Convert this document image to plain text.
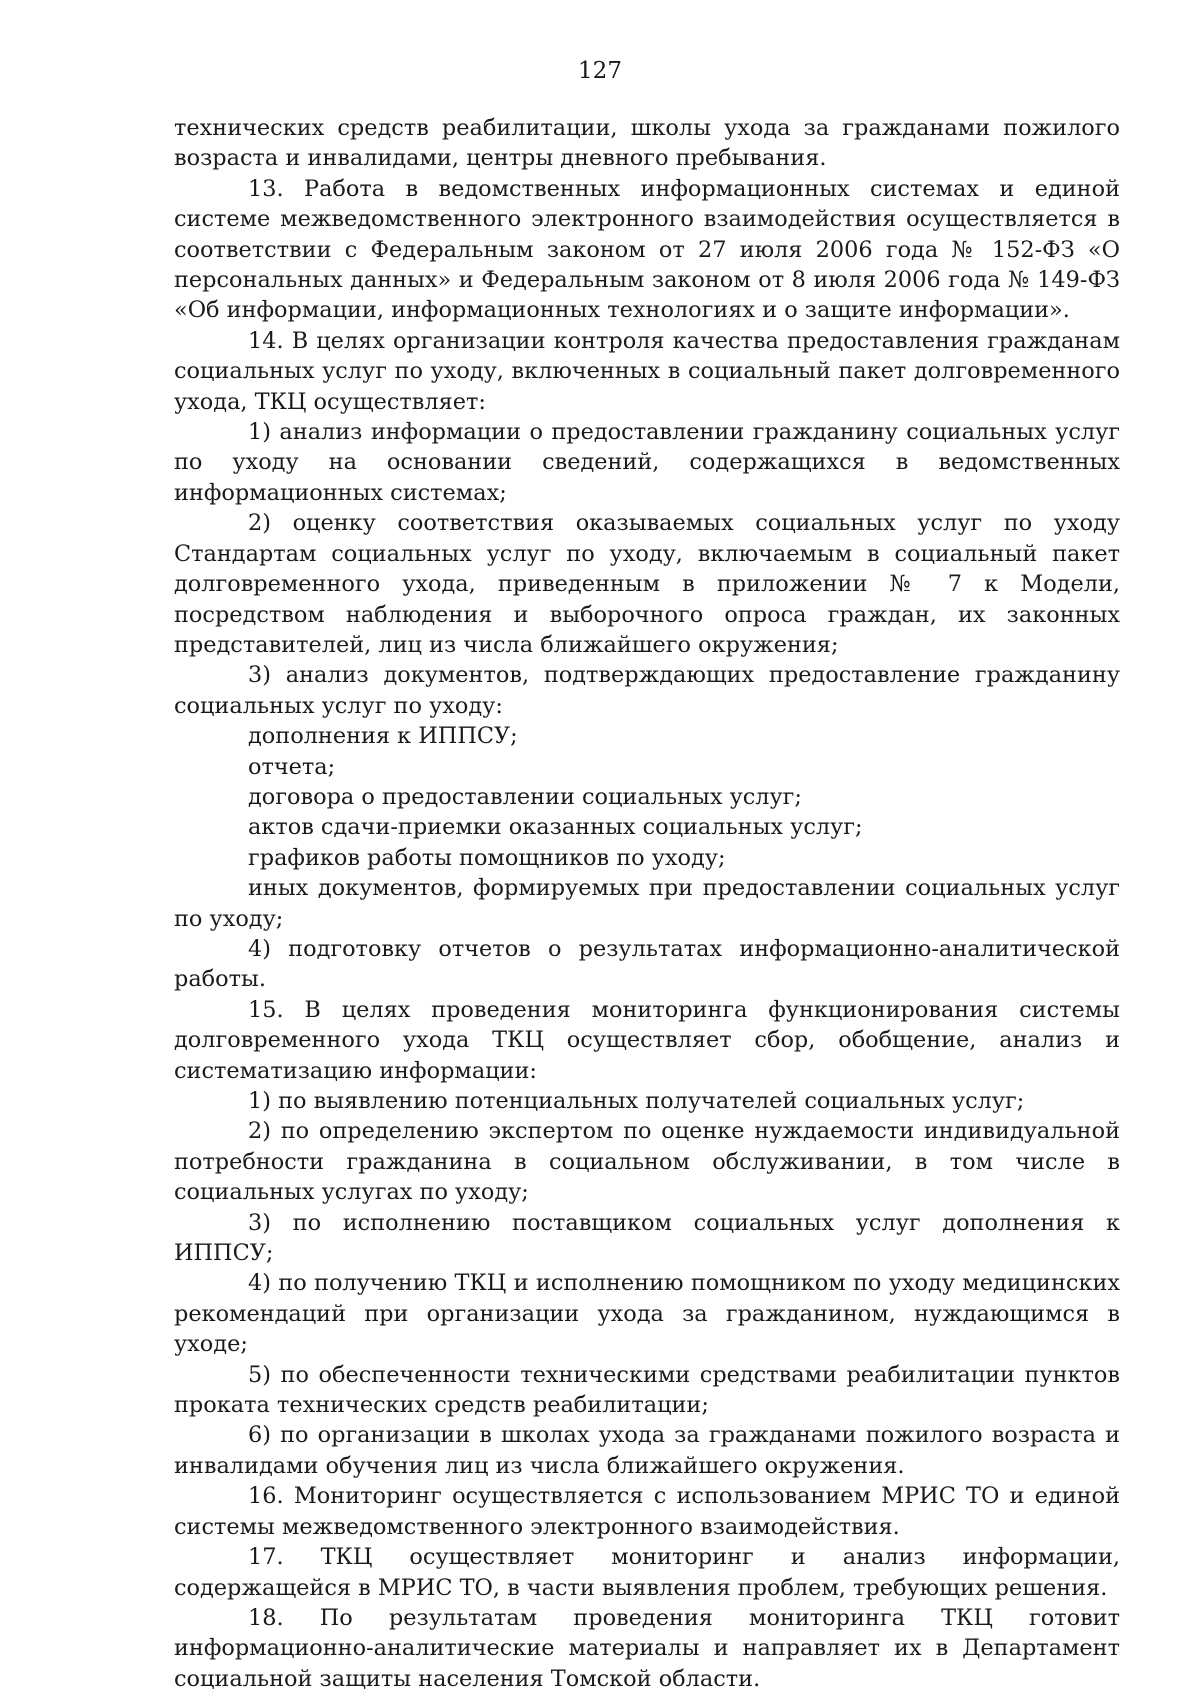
127

технических средств реабилитации, школы ухода за гражданами пожилого возраста и инвалидами, центры дневного пребывания.

13. Работа в ведомственных информационных системах и единой системе межведомственного электронного взаимодействия осуществляется в соответствии с Федеральным законом от 27 июля 2006 года № 152-ФЗ «О персональных данных» и Федеральным законом от 8 июля 2006 года № 149-ФЗ «Об информации, информационных технологиях и о защите информации».

14. В целях организации контроля качества предоставления гражданам социальных услуг по уходу, включенных в социальный пакет долговременного ухода, ТКЦ осуществляет:

1) анализ информации о предоставлении гражданину социальных услуг по уходу на основании сведений, содержащихся в ведомственных информационных системах;

2) оценку соответствия оказываемых социальных услуг по уходу Стандартам социальных услуг по уходу, включаемым в социальный пакет долговременного ухода, приведенным в приложении № 7 к Модели, посредством наблюдения и выборочного опроса граждан, их законных представителей, лиц из числа ближайшего окружения;

3) анализ документов, подтверждающих предоставление гражданину социальных услуг по уходу:

дополнения к ИППСУ;

отчета;

договора о предоставлении социальных услуг;

актов сдачи-приемки оказанных социальных услуг;

графиков работы помощников по уходу;

иных документов, формируемых при предоставлении социальных услуг по уходу;

4) подготовку отчетов о результатах информационно-аналитической работы.

15. В целях проведения мониторинга функционирования системы долговременного ухода ТКЦ осуществляет сбор, обобщение, анализ и систематизацию информации:

1) по выявлению потенциальных получателей социальных услуг;

2) по определению экспертом по оценке нуждаемости индивидуальной потребности гражданина в социальном обслуживании, в том числе в социальных услугах по уходу;

3) по исполнению поставщиком социальных услуг дополнения к ИППСУ;

4) по получению ТКЦ и исполнению помощником по уходу медицинских рекомендаций при организации ухода за гражданином, нуждающимся в уходе;

5) по обеспеченности техническими средствами реабилитации пунктов проката технических средств реабилитации;

6) по организации в школах ухода за гражданами пожилого возраста и инвалидами обучения лиц из числа ближайшего окружения.

16. Мониторинг осуществляется с использованием МРИС ТО и единой системы межведомственного электронного взаимодействия.

17. ТКЦ осуществляет мониторинг и анализ информации, содержащейся в МРИС ТО, в части выявления проблем, требующих решения.

18. По результатам проведения мониторинга ТКЦ готовит информационно-аналитические материалы и направляет их в Департамент социальной защиты населения Томской области.
